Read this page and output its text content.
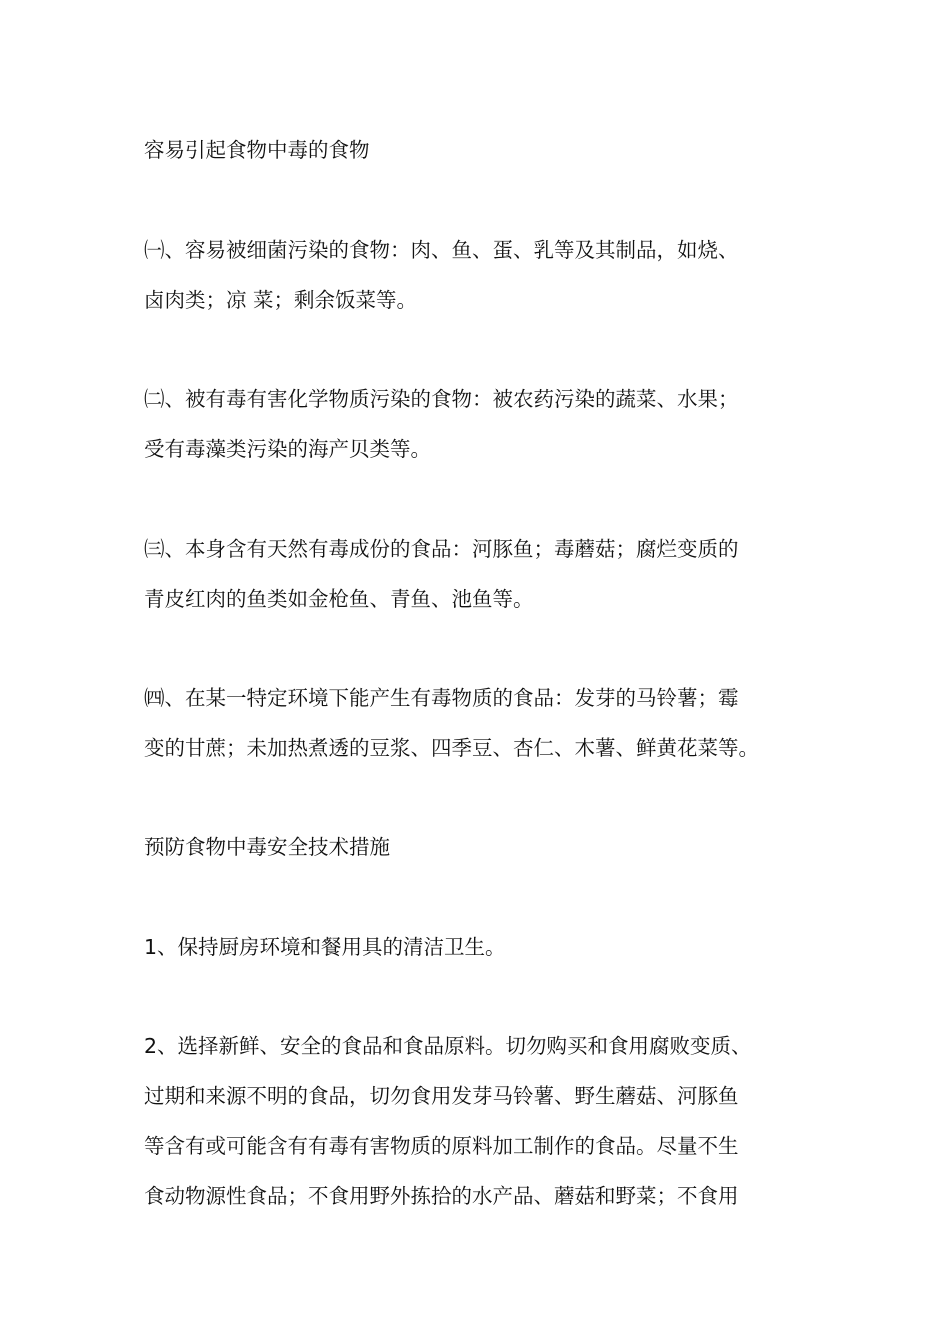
容易引起食物中毒的食物

㈠、容易被细菌污染的食物：肉、鱼、蛋、乳等及其制品，如烧、
卤肉类；凉 菜；剩余饭菜等。

㈡、被有毒有害化学物质污染的食物：被农药污染的蔬菜、水果；
受有毒藻类污染的海产贝类等。

㈢、本身含有天然有毒成份的食品：河豚鱼；毒蘑菇；腐烂变质的
青皮红肉的鱼类如金枪鱼、青鱼、池鱼等。

㈣、在某一特定环境下能产生有毒物质的食品：发芽的马铃薯；霉
变的甘蔗；未加热煮透的豆浆、四季豆、杏仁、木薯、鲜黄花菜等。

预防食物中毒安全技术措施

1、保持厨房环境和餐用具的清洁卫生。

2、选择新鲜、安全的食品和食品原料。切勿购买和食用腐败变质、
过期和来源不明的食品，切勿食用发芽马铃薯、野生蘑菇、河豚鱼
等含有或可能含有有毒有害物质的原料加工制作的食品。尽量不生
食动物源性食品；不食用野外拣拾的水产品、蘑菇和野菜；不食用
